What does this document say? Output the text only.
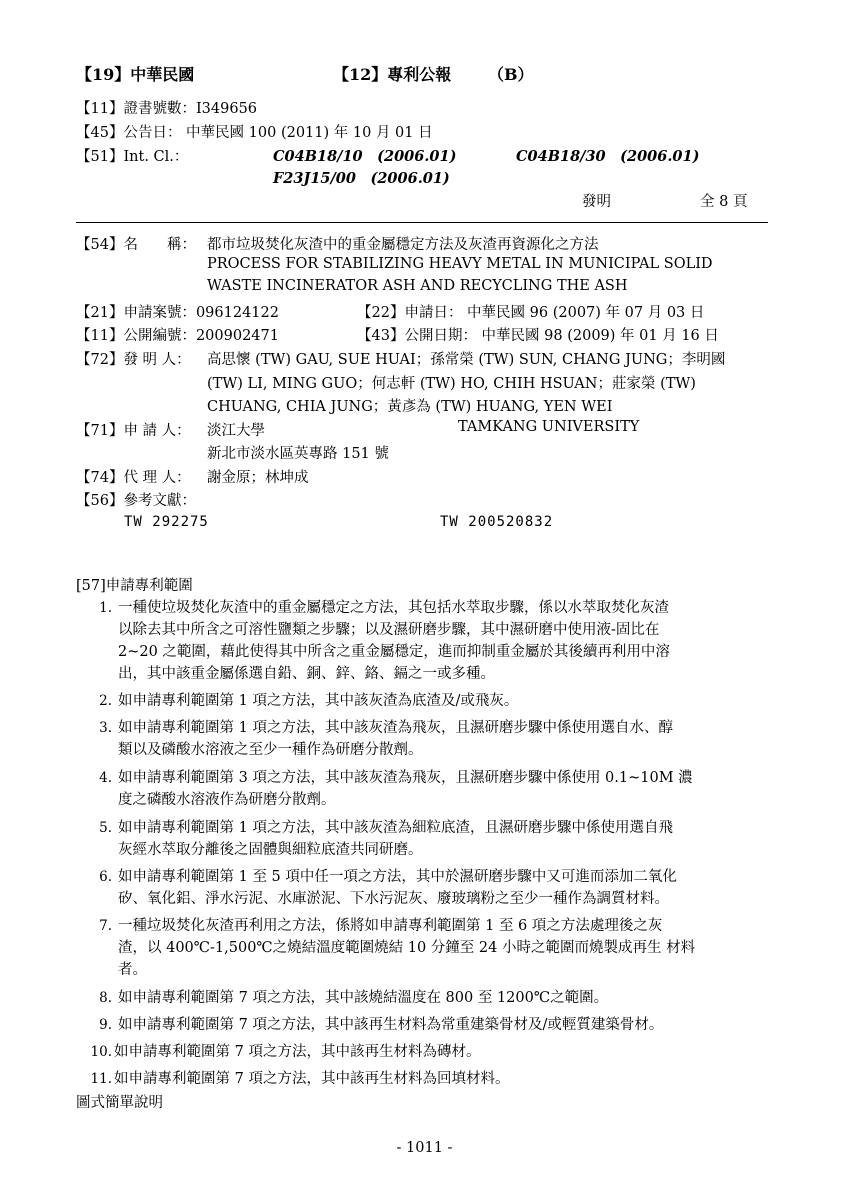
【19】中華民國	【12】專利公報 （B）
【11】證書號數：I349656
【45】公告日： 中華民國 100 (2011) 年 10 月 01 日
【51】Int. Cl.：	C04B18/10　(2006.01)	C04B18/30　(2006.01)
F23J15/00　(2006.01)
發明	全 8 頁
【54】名　　稱： 都市垃圾焚化灰渣中的重金屬穩定方法及灰渣再資源化之方法
PROCESS FOR STABILIZING HEAVY METAL IN MUNICIPAL SOLID
WASTE INCINERATOR ASH AND RECYCLING THE ASH
【21】申請案號：096124122	【22】申請日： 中華民國 96 (2007) 年 07 月 03 日
【11】公開編號：200902471	【43】公開日期： 中華民國 98 (2009) 年 01 月 16 日
【72】發 明 人： 高思懷 (TW) GAU, SUE HUAI；孫常榮 (TW) SUN, CHANG JUNG；李明國
(TW) LI, MING GUO；何志軒 (TW) HO, CHIH HSUAN；莊家榮 (TW)
CHUANG, CHIA JUNG；黃彥為 (TW) HUANG, YEN WEI
【71】申 請 人： 淡江大學	TAMKANG UNIVERSITY
新北市淡水區英專路 151 號
【74】代 理 人： 謝金原；林坤成
【56】參考文獻：
TW 292275	TW 200520832
[57]申請專利範圍
1. 一種使垃圾焚化灰渣中的重金屬穩定之方法，其包括水萃取步驟，係以水萃取焚化灰渣
以除去其中所含之可溶性鹽類之步驟；以及濕研磨步驟，其中濕研磨中使用液-固比在
2~20 之範圍，藉此使得其中所含之重金屬穩定，進而抑制重金屬於其後續再利用中溶
出，其中該重金屬係選自鉛、銅、鋅、鉻、鎘之一或多種。
2. 如申請專利範圍第 1 項之方法，其中該灰渣為底渣及/或飛灰。
3. 如申請專利範圍第 1 項之方法，其中該灰渣為飛灰，且濕研磨步驟中係使用選自水、醇
類以及磷酸水溶液之至少一種作為研磨分散劑。
4. 如申請專利範圍第 3 項之方法，其中該灰渣為飛灰，且濕研磨步驟中係使用 0.1~10M 濃
度之磷酸水溶液作為研磨分散劑。
5. 如申請專利範圍第 1 項之方法，其中該灰渣為細粒底渣，且濕研磨步驟中係使用選自飛
灰經水萃取分離後之固體與細粒底渣共同研磨。
6. 如申請專利範圍第 1 至 5 項中任一項之方法，其中於濕研磨步驟中又可進而添加二氧化
矽、氧化鋁、淨水污泥、水庫淤泥、下水污泥灰、廢玻璃粉之至少一種作為調質材料。
7. 一種垃圾焚化灰渣再利用之方法，係將如申請專利範圍第 1 至 6 項之方法處理後之灰
渣，以 400℃-1,500℃之燒結溫度範圍燒結 10 分鐘至 24 小時之範圍而燒製成再生 材料
者。
8. 如申請專利範圍第 7 項之方法，其中該燒結溫度在 800 至 1200℃之範圍。
9. 如申請專利範圍第 7 項之方法，其中該再生材料為常重建築骨材及/或輕質建築骨材。
10. 如申請專利範圍第 7 項之方法，其中該再生材料為磚材。
11. 如申請專利範圍第 7 項之方法，其中該再生材料為回填材料。
圖式簡單說明
- 1011 -
